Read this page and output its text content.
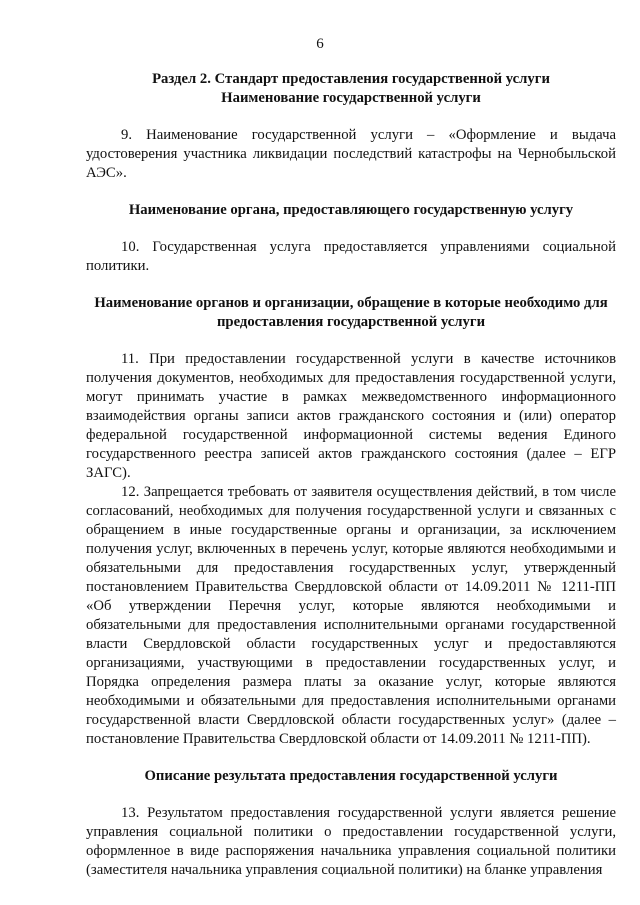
6
Раздел 2. Стандарт предоставления государственной услуги
Наименование государственной услуги

9. Наименование государственной услуги – «Оформление и выдача удостоверения участника ликвидации последствий катастрофы на Чернобыльской АЭС».

Наименование органа, предоставляющего государственную услугу

10. Государственная услуга предоставляется управлениями социальной политики.

Наименование органов и организации, обращение в которые необходимо для предоставления государственной услуги

11. При предоставлении государственной услуги в качестве источников получения документов, необходимых для предоставления государственной услуги, могут принимать участие в рамках межведомственного информационного взаимодействия органы записи актов гражданского состояния и (или) оператор федеральной государственной информационной системы ведения Единого государственного реестра записей актов гражданского состояния (далее – ЕГР ЗАГС).

12. Запрещается требовать от заявителя осуществления действий, в том числе согласований, необходимых для получения государственной услуги и связанных с обращением в иные государственные органы и организации, за исключением получения услуг, включенных в перечень услуг, которые являются необходимыми и обязательными для предоставления государственных услуг, утвержденный постановлением Правительства Свердловской области от 14.09.2011 № 1211-ПП «Об утверждении Перечня услуг, которые являются необходимыми и обязательными для предоставления исполнительными органами государственной власти Свердловской области государственных услуг и предоставляются организациями, участвующими в предоставлении государственных услуг, и Порядка определения размера платы за оказание услуг, которые являются необходимыми и обязательными для предоставления исполнительными органами государственной власти Свердловской области государственных услуг» (далее – постановление Правительства Свердловской области от 14.09.2011 № 1211-ПП).

Описание результата предоставления государственной услуги

13. Результатом предоставления государственной услуги является решение управления социальной политики о предоставлении государственной услуги, оформленное в виде распоряжения начальника управления социальной политики (заместителя начальника управления социальной политики) на бланке управления
